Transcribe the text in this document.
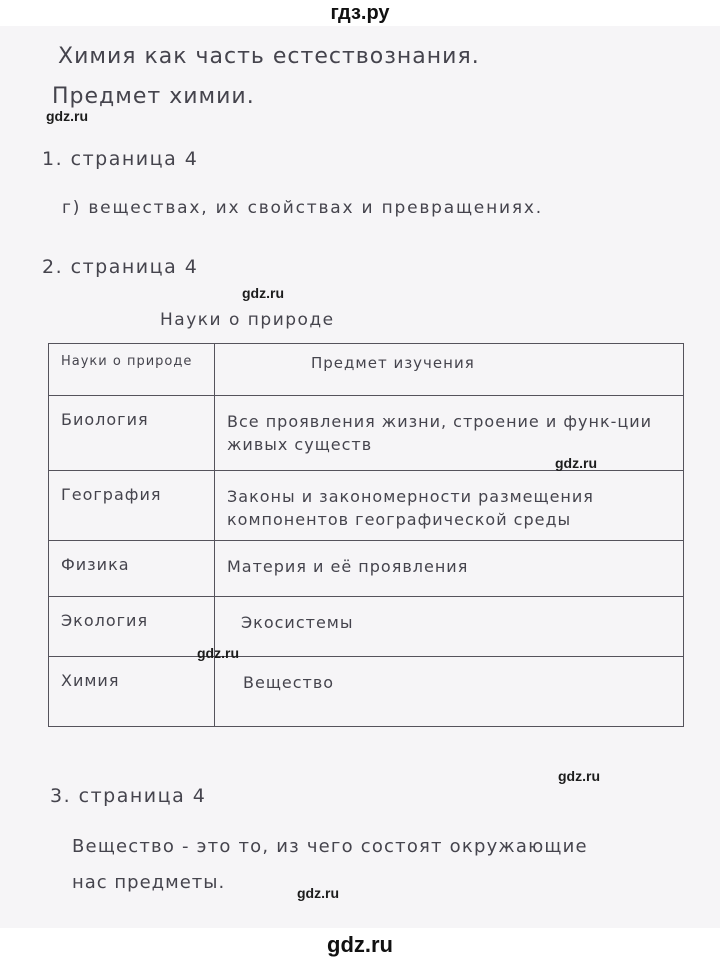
гдз.ру
Химия как часть естествознания.
Предмет химии.
gdz.ru
1. страница 4
г) веществах, их свойствах и превращениях.
2. страница 4
gdz.ru
Науки о природе
Науки о природе	Предмет изучения
Биология	Все проявления жизни, строение и функ-ции живых существ
География	Законы и закономерности размещения компонентов географической среды
Физика	Материя и её проявления
Экология	Экосистемы
Химия	Вещество
gdz.ru
gdz.ru
gdz.ru
3. страница 4
Вещество - это то, из чего состоят окружающие
нас предметы.	gdz.ru
gdz.ru
